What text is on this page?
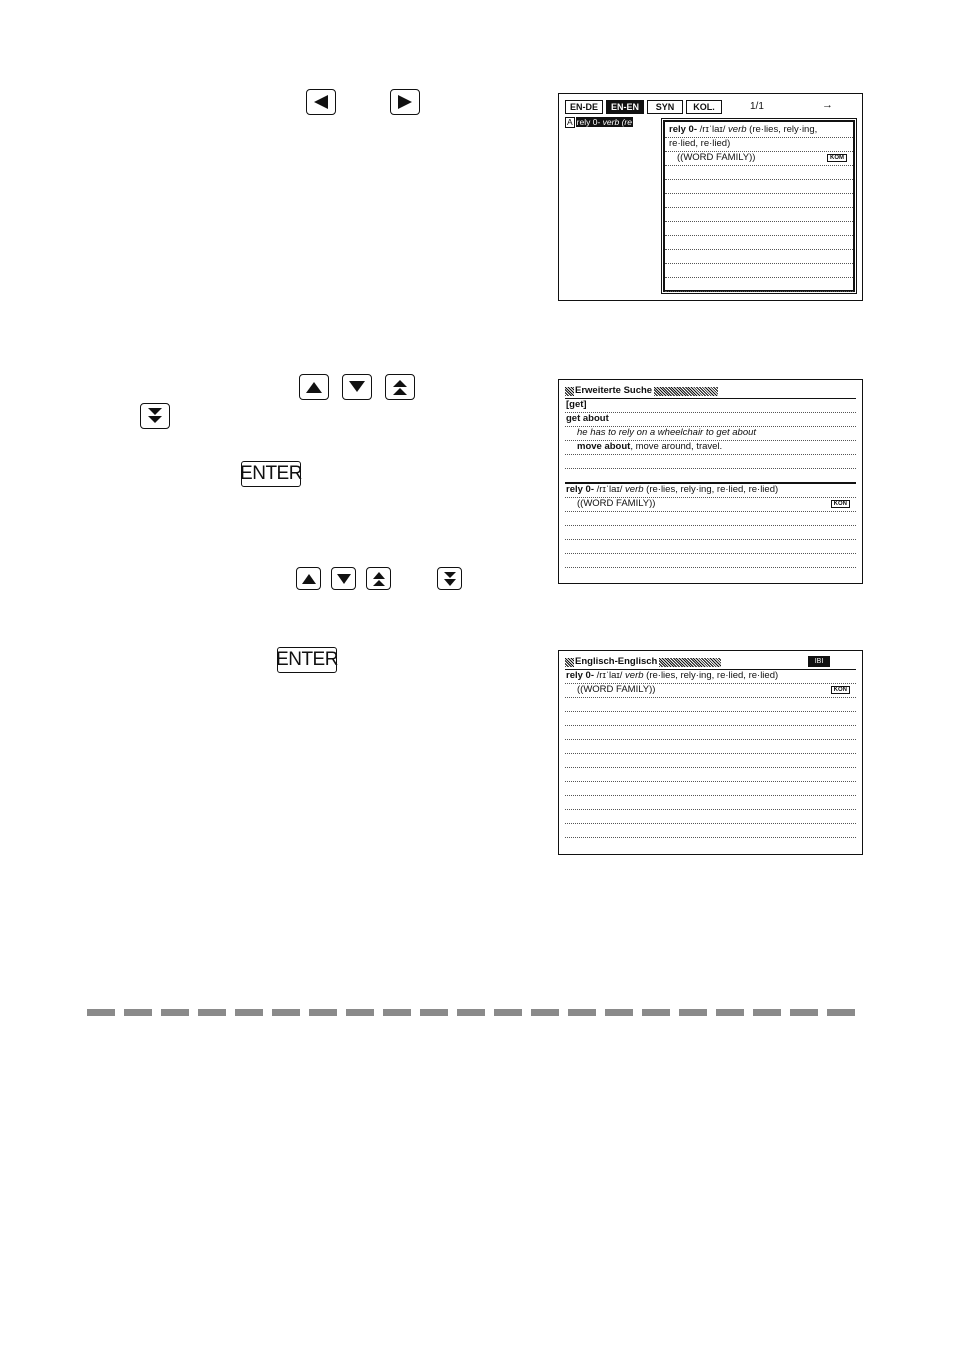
ENTER
ENTER
EN-DE	EN-EN	SYN	KOL.	1/1	→
A rely 0‑ verb (re
rely 0‑ /rɪˈlaɪ/ verb (re·lies, rely·ing,
re·lied, re·lied)
((WORD FAMILY))	KOM
Erweiterte Suche
[get]
get about
he has to rely on a wheelchair to get about
move about, move around, travel.
rely 0‑ /rɪˈlaɪ/ verb (re·lies, rely·ing, re·lied, re·lied)
((WORD FAMILY))	KON
Englisch-Englisch	IBI
rely 0‑ /rɪˈlaɪ/ verb (re·lies, rely·ing, re·lied, re·lied)
((WORD FAMILY))	KON
